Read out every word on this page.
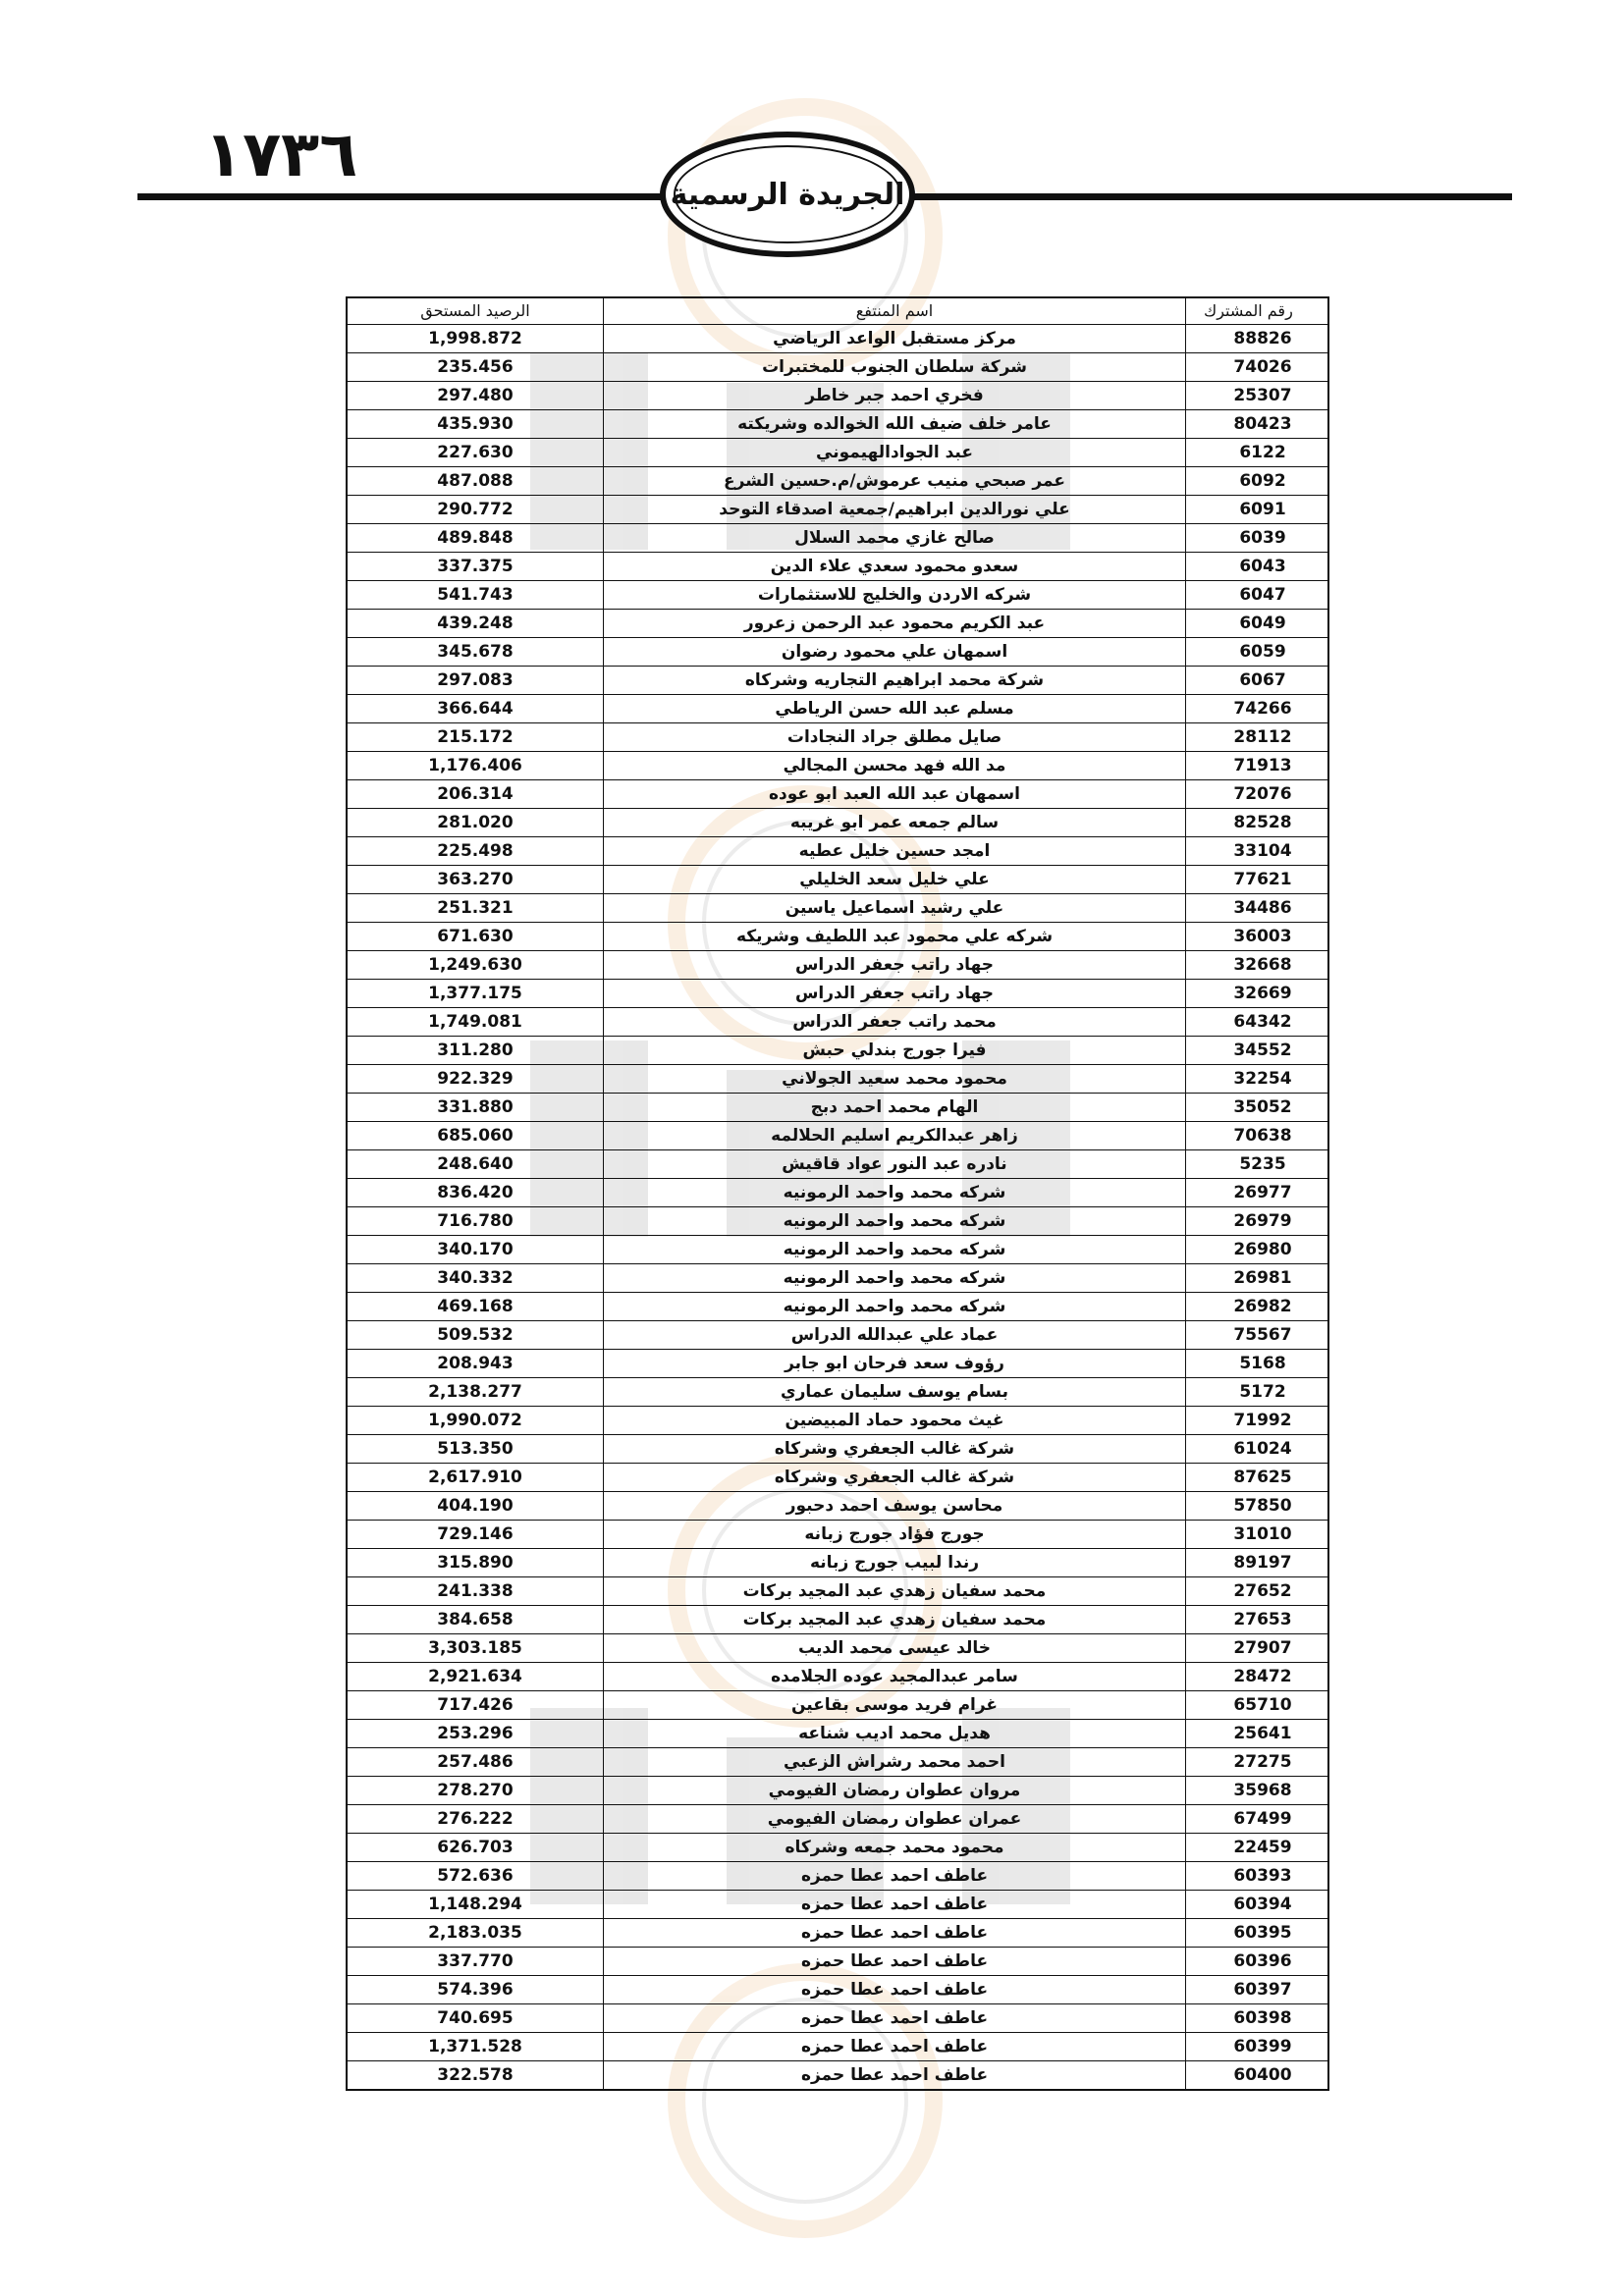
١٧٣٦
الجريدة الرسمية
رقم المشترك	اسم المنتفع	الرصيد المستحق
88826	مركز مستقبل الواعد الرياضي	1,998.872
74026	شركة سلطان الجنوب للمختبرات	235.456
25307	فخري احمد جبر خاطر	297.480
80423	عامر خلف ضيف الله الخوالده وشريكته	435.930
6122	عبد الجوادالهيموني	227.630
6092	عمر صبحي منيب عرموش/م.حسين الشرع	487.088
6091	علي نورالدين ابراهيم/جمعية اصدقاء التوحد	290.772
6039	صالح غازي محمد السلال	489.848
6043	سعدو محمود سعدي علاء الدين	337.375
6047	شركه الاردن والخليج للاستثمارات	541.743
6049	عبد الكريم محمود عبد الرحمن زعرور	439.248
6059	اسمهان علي محمود رضوان	345.678
6067	شركة محمد ابراهيم التجاريه وشركاه	297.083
74266	مسلم عبد الله حسن الرياطي	366.644
28112	صايل مطلق جراد النجادات	215.172
71913	مد الله فهد محسن المجالي	1,176.406
72076	اسمهان عبد الله العبد ابو عوده	206.314
82528	سالم جمعه عمر ابو غريبه	281.020
33104	امجد حسين خليل عطيه	225.498
77621	علي خليل سعد الخليلي	363.270
34486	علي رشيد اسماعيل ياسين	251.321
36003	شركه علي محمود عبد اللطيف وشريكه	671.630
32668	جهاد راتب جعفر الدراس	1,249.630
32669	جهاد راتب جعفر الدراس	1,377.175
64342	محمد راتب جعفر الدراس	1,749.081
34552	فيرا جورج بندلي حبش	311.280
32254	محمود محمد سعيد الجولاني	922.329
35052	الهام محمد احمد دبج	331.880
70638	زاهر عبدالكريم اسليم الحلالمه	685.060
5235	نادره عبد النور عواد قاقيش	248.640
26977	شركه محمد واحمد الرمونيه	836.420
26979	شركه محمد واحمد الرمونيه	716.780
26980	شركه محمد واحمد الرمونيه	340.170
26981	شركه محمد واحمد الرمونيه	340.332
26982	شركه محمد واحمد الرمونيه	469.168
75567	عماد علي عبدالله الدراس	509.532
5168	رؤوف سعد فرحان ابو جابر	208.943
5172	بسام يوسف سليمان عماري	2,138.277
71992	غيث محمود حماد المبيضين	1,990.072
61024	شركة غالب الجعفري وشركاه	513.350
87625	شركة غالب الجعفري وشركاه	2,617.910
57850	محاسن يوسف احمد دحبور	404.190
31010	جورج فؤاد جورج زبانه	729.146
89197	رندا لبيب جورج زبانه	315.890
27652	محمد سفيان زهدي عبد المجيد بركات	241.338
27653	محمد سفيان زهدي عبد المجيد بركات	384.658
27907	خالد عيسى محمد الديب	3,303.185
28472	سامر عبدالمجيد عوده الجلامده	2,921.634
65710	غرام فريد موسى بقاعين	717.426
25641	هديل محمد اديب شناعه	253.296
27275	احمد محمد رشراش الزعبي	257.486
35968	مروان عطوان رمضان الفيومي	278.270
67499	عمران عطوان رمضان الفيومي	276.222
22459	محمود محمد جمعه وشركاه	626.703
60393	عاطف احمد عطا حمزه	572.636
60394	عاطف احمد عطا حمزه	1,148.294
60395	عاطف احمد عطا حمزه	2,183.035
60396	عاطف احمد عطا حمزه	337.770
60397	عاطف احمد عطا حمزه	574.396
60398	عاطف احمد عطا حمزه	740.695
60399	عاطف احمد عطا حمزه	1,371.528
60400	عاطف احمد عطا حمزه	322.578
